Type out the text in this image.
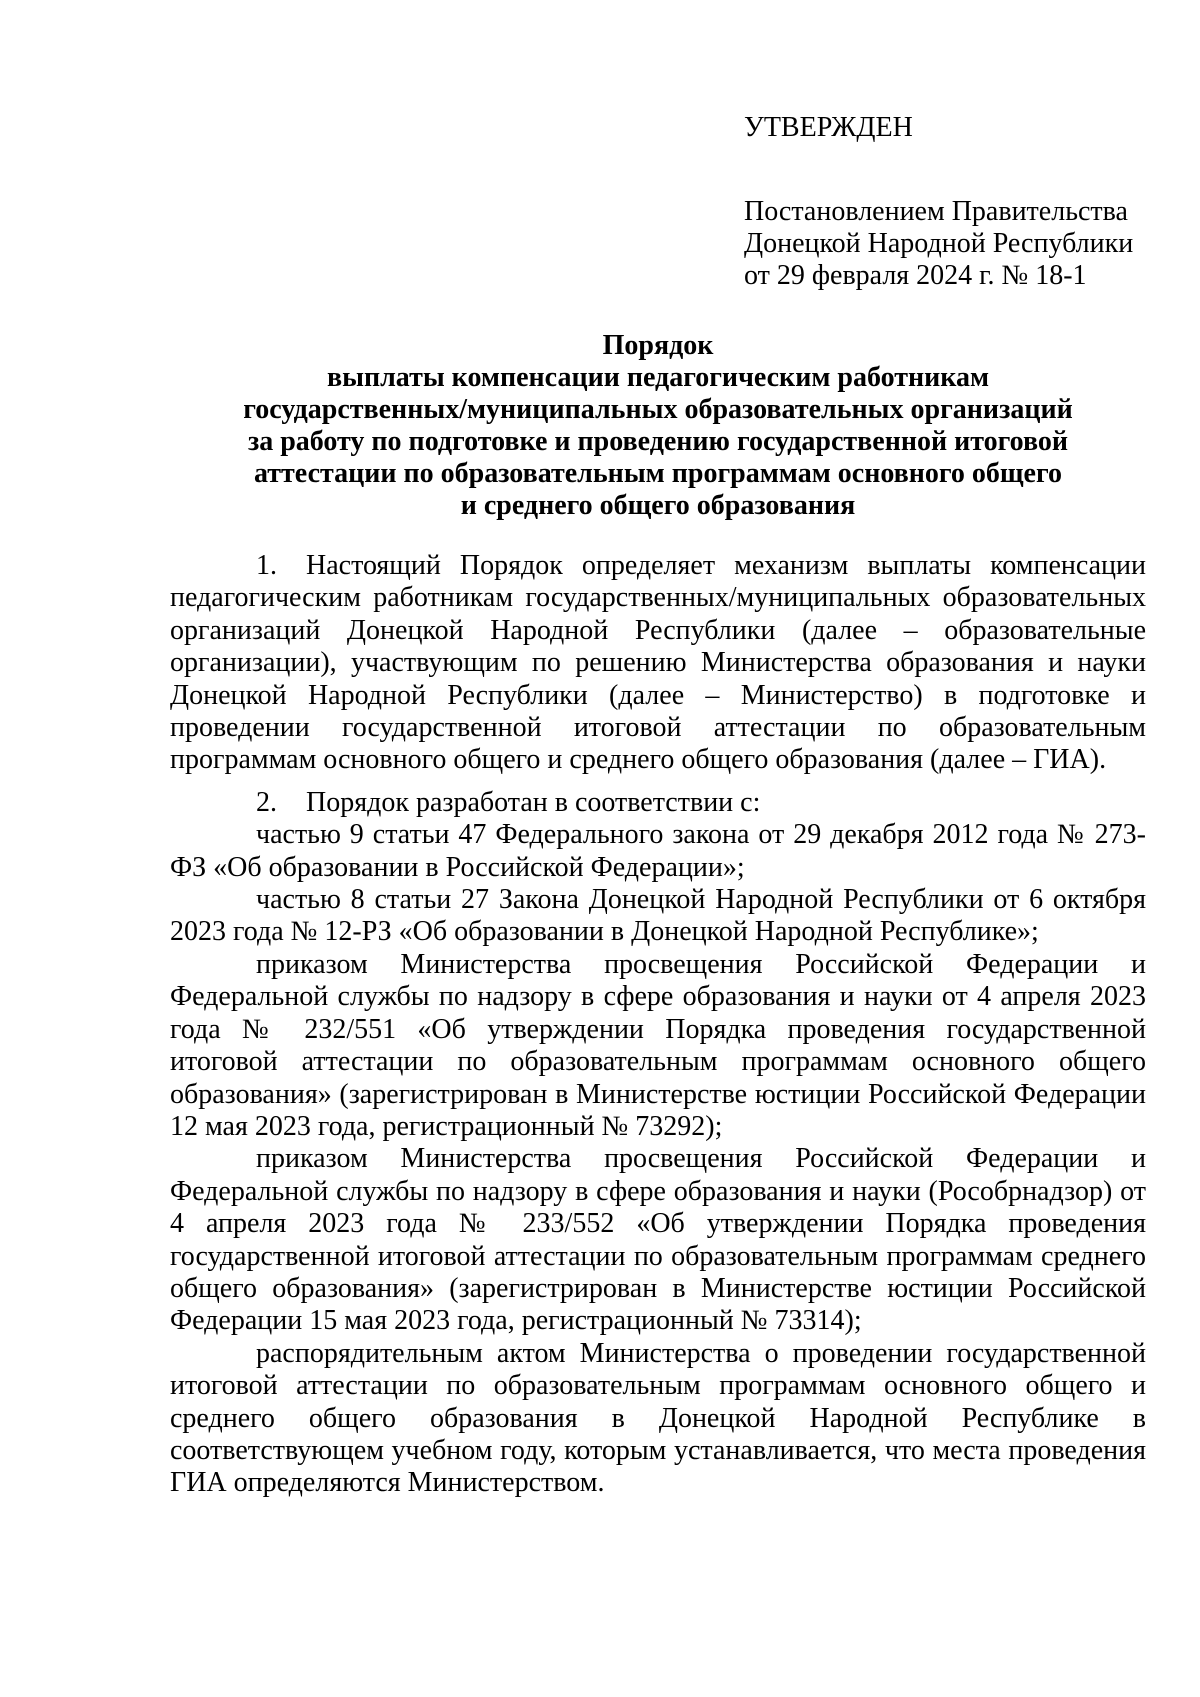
УТВЕРЖДЕН
Постановлением Правительства
Донецкой Народной Республики
от 29 февраля 2024 г. № 18-1
Порядок
выплаты компенсации педагогическим работникам
государственных/муниципальных образовательных организаций
за работу по подготовке и проведению государственной итоговой
аттестации по образовательным программам основного общего
и среднего общего образования

1. Настоящий Порядок определяет механизм выплаты компенсации педагогическим работникам государственных/муниципальных образовательных организаций Донецкой Народной Республики (далее – образовательные организации), участвующим по решению Министерства образования и науки Донецкой Народной Республики (далее – Министерство) в подготовке и проведении государственной итоговой аттестации по образовательным программам основного общего и среднего общего образования (далее – ГИА).

2. Порядок разработан в соответствии с:

частью 9 статьи 47 Федерального закона от 29 декабря 2012 года № 273-ФЗ «Об образовании в Российской Федерации»;

частью 8 статьи 27 Закона Донецкой Народной Республики от 6 октября 2023 года № 12-РЗ «Об образовании в Донецкой Народной Республике»;

приказом Министерства просвещения Российской Федерации и Федеральной службы по надзору в сфере образования и науки от 4 апреля 2023 года № 232/551 «Об утверждении Порядка проведения государственной итоговой аттестации по образовательным программам основного общего образования» (зарегистрирован в Министерстве юстиции Российской Федерации 12 мая 2023 года, регистрационный № 73292);

приказом Министерства просвещения Российской Федерации и Федеральной службы по надзору в сфере образования и науки (Рособрнадзор) от 4 апреля 2023 года № 233/552 «Об утверждении Порядка проведения государственной итоговой аттестации по образовательным программам среднего общего образования» (зарегистрирован в Министерстве юстиции Российской Федерации 15 мая 2023 года, регистрационный № 73314);

распорядительным актом Министерства о проведении государственной итоговой аттестации по образовательным программам основного общего и среднего общего образования в Донецкой Народной Республике в соответствующем учебном году, которым устанавливается, что места проведения ГИА определяются Министерством.
